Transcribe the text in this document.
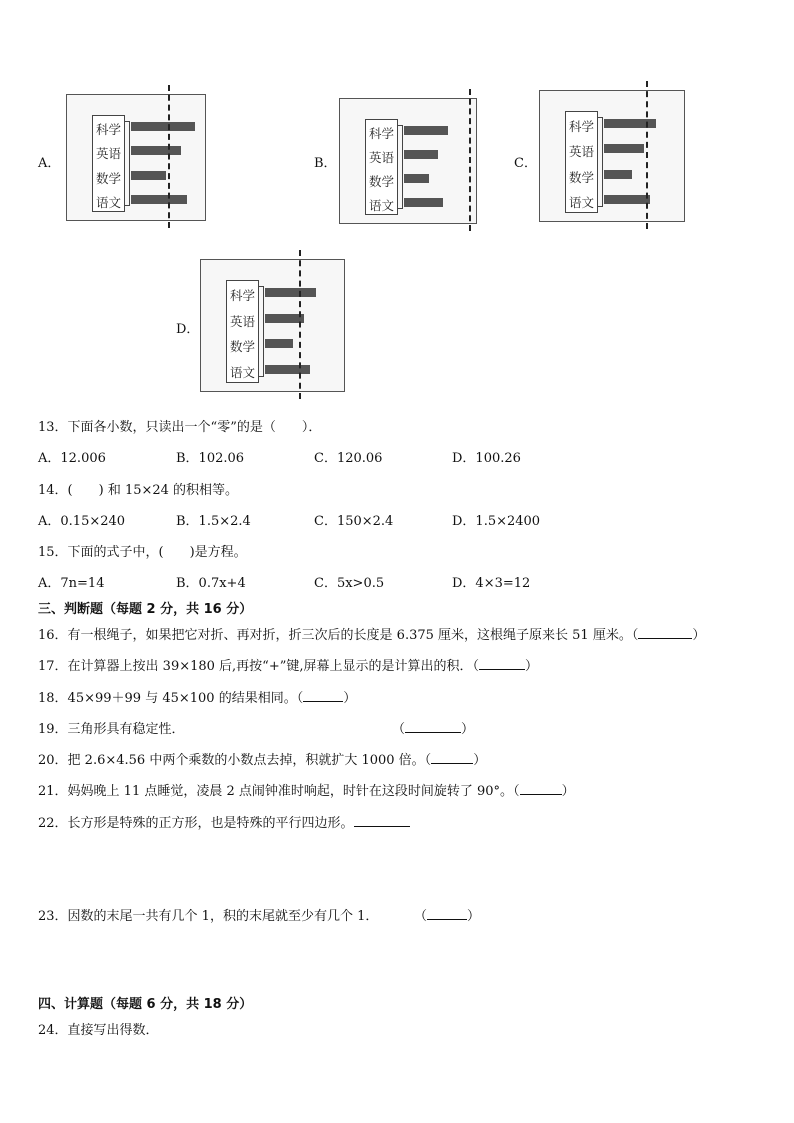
A．
科学
英语
数学
语文
B．
科学
英语
数学
语文
C．
科学
英语
数学
语文
D．
科学
英语
数学
语文
13．下面各小数，只读出一个“零”的是（　　）．
A．12.006	B．102.06	C．120.06	D．100.26
14．(　　) 和 15×24 的积相等。
A．0.15×240	B．1.5×2.4	C．150×2.4	D．1.5×2400
15．下面的式子中，(　　)是方程。
A．7n=14	B．0.7x+4	C．5x>0.5	D．4×3=12
三、判断题（每题 2 分，共 16 分）
16．有一根绳子，如果把它对折、再对折，折三次后的长度是 6.375 厘米，这根绳子原来长 51 厘米。（	）
17．在计算器上按出 39×180 后,再按“+”键,屏幕上显示的是计算出的积．（	）
18．45×99＋99 与 45×100 的结果相同。（	）
19．三角形具有稳定性．	（	）
20．把 2.6×4.56 中两个乘数的小数点去掉，积就扩大 1000 倍。（	）
21．妈妈晚上 11 点睡觉，凌晨 2 点闹钟准时响起，时针在这段时间旋转了 90°。（	）
22．长方形是特殊的正方形，也是特殊的平行四边形。
23．因数的末尾一共有几个 1，积的末尾就至少有几个 1．	（	）
四、计算题（每题 6 分，共 18 分）
24．直接写出得数．
